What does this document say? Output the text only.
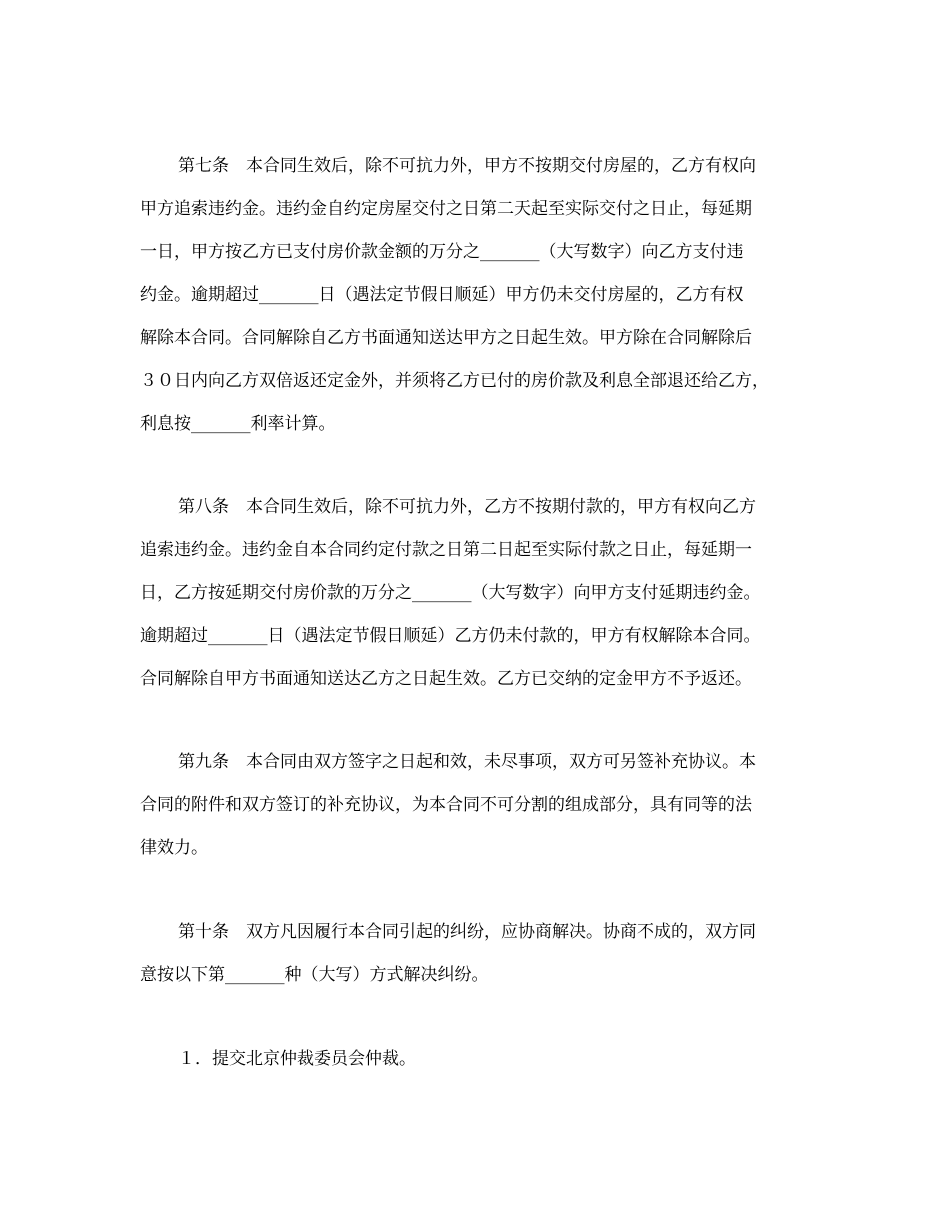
第七条　本合同生效后，除不可抗力外，甲方不按期交付房屋的，乙方有权向
甲方追索违约金。违约金自约定房屋交付之日第二天起至实际交付之日止，每延期
一日，甲方按乙方已支付房价款金额的万分之_______（大写数字）向乙方支付违
约金。逾期超过_______日（遇法定节假日顺延）甲方仍未交付房屋的，乙方有权
解除本合同。合同解除自乙方书面通知送达甲方之日起生效。甲方除在合同解除后
３０日内向乙方双倍返还定金外，并须将乙方已付的房价款及利息全部退还给乙方，
利息按_______利率计算。
第八条　本合同生效后，除不可抗力外，乙方不按期付款的，甲方有权向乙方
追索违约金。违约金自本合同约定付款之日第二日起至实际付款之日止，每延期一
日，乙方按延期交付房价款的万分之_______（大写数字）向甲方支付延期违约金。
逾期超过_______日（遇法定节假日顺延）乙方仍未付款的，甲方有权解除本合同。
合同解除自甲方书面通知送达乙方之日起生效。乙方已交纳的定金甲方不予返还。
第九条　本合同由双方签字之日起和效，未尽事项，双方可另签补充协议。本
合同的附件和双方签订的补充协议，为本合同不可分割的组成部分，具有同等的法
律效力。
第十条　双方凡因履行本合同引起的纠纷，应协商解决。协商不成的，双方同
意按以下第_______种（大写）方式解决纠纷。
１．提交北京仲裁委员会仲裁。
